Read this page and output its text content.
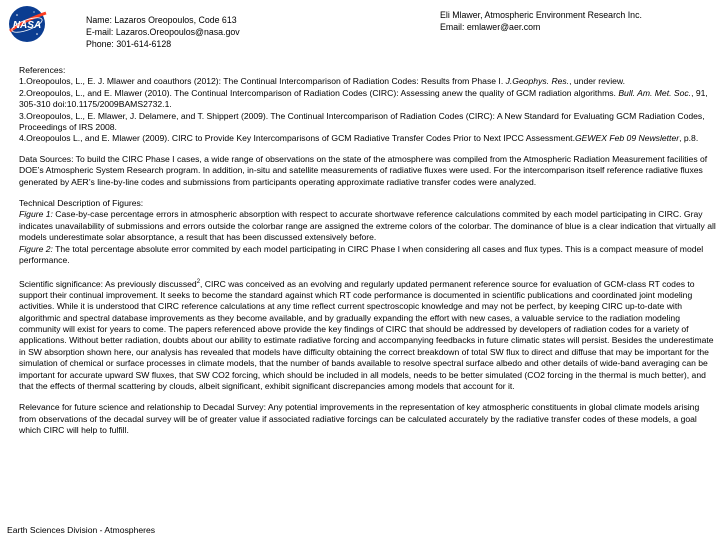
NASA	Name: Lazaros Oreopoulos, Code 613
E-mail: Lazaros.Oreopoulos@nasa.gov
Phone: 301-614-6128
Eli Mlawer, Atmospheric Environment Research Inc.
Email: emlawer@aer.com

References:

1.Oreopoulos, L., E. J. Mlawer and coauthors (2012): The Continual Intercomparison of Radiation Codes: Results from Phase I. J.Geophys. Res., under review.

2.Oreopoulos, L., and E. Mlawer (2010). The Continual Intercomparison of Radiation Codes (CIRC): Assessing anew the quality of GCM radiation algorithms. Bull. Am. Met. Soc., 91, 305-310 doi:10.1175/2009BAMS2732.1.

3.Oreopoulos, L., E. Mlawer, J. Delamere, and T. Shippert (2009). The Continual Intercomparison of Radiation Codes (CIRC): A New Standard for Evaluating GCM Radiation Codes, Proceedings of IRS 2008.

4.Oreopoulos L., and E. Mlawer (2009). CIRC to Provide Key Intercomparisons of GCM Radiative Transfer Codes Prior to Next IPCC Assessment.GEWEX Feb 09 Newsletter, p.8.

Data Sources: To build the CIRC Phase I cases, a wide range of observations on the state of the atmosphere was compiled from the Atmospheric Radiation Measurement facilities of DOE’s Atmospheric System Research program. In addition, in-situ and satellite measurements of radiative fluxes were used. For the intercomparison itself reference radiative fluxes generated by AER’s line-by-line codes and submissions from participants operating approximate radiative transfer codes were analyzed.

Technical Description of Figures:

Figure 1: Case-by-case percentage errors in atmospheric absorption with respect to accurate shortwave reference calculations commited by each model participating in CIRC. Gray indicates unavailability of submissions and errors outside the colorbar range are assigned the extreme colors of the colorbar. The dominance of blue is a clear indication that virtually all models underestimate solar absorptance, a result that has been discussed extensively before.

Figure 2: The total percentage absolute error commited by each model participating in CIRC Phase I when considering all cases and flux types. This is a compact measure of model performance.

Scientific significance: As previously discussed$^2$, CIRC was conceived as an evolving and regularly updated permanent reference source for evaluation of GCM-class RT codes to support their continual improvement. It seeks to become the standard against which RT code performance is documented in scientific publications and coordinated joint modeling activities. While it is understood that CIRC reference calculations at any time reflect current spectroscopic knowledge and may not be perfect, by keeping CIRC up-to-date with algorithmic and spectral database improvements as they become available, and by gradually expanding the effort with new cases, a valuable service to the radiation modeling community will exist for years to come. The papers referenced above provide the key findings of CIRC that should be addressed by developers of radiation codes for a variety of applications. Without better radiation, doubts about our ability to estimate radiative forcing and accompanying feedbacks in future climatic states will persist. Besides the underestimate in SW absorption shown here, our analysis has revealed that models have difficulty obtaining the correct breakdown of total SW flux to direct and diffuse that may be important for the simulation of chemical or surface processes in climate models, that the number of bands available to resolve spectral surface albedo and other details of wide-band averaging can be important for accurate upward SW fluxes, that SW CO2 forcing, which should be included in all models, needs to be better simulated (CO2 forcing in the thermal is much better), and that the effects of thermal scattering by clouds, albeit significant, exhibit significant discrepancies among models that account for it.

Relevance for future science and relationship to Decadal Survey: Any potential improvements in the representation of key atmospheric constituents in global climate models arising from observations of the decadal survey will be of greater value if associated radiative forcings can be calculated accurately by the radiative transfer codes of these models, a goal which CIRC will help to fulfill.

Earth Sciences Division - Atmospheres
